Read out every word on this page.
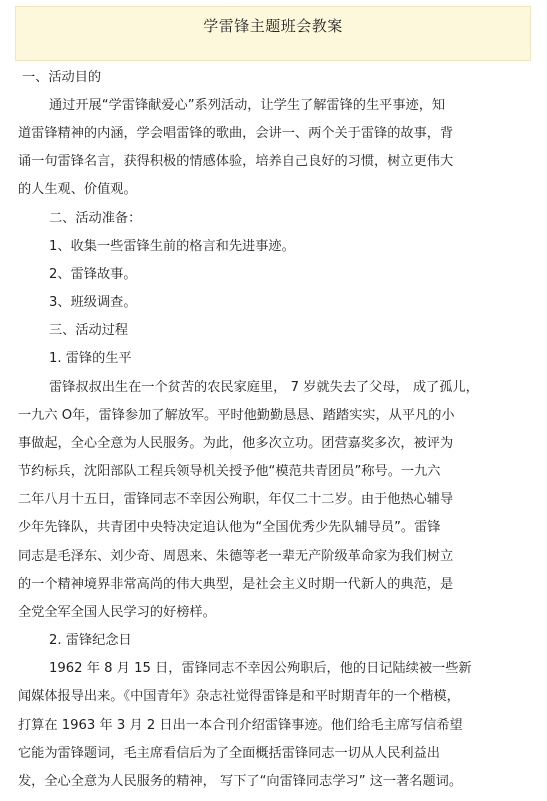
学雷锋主题班会教案
一、活动目的
通过开展“学雷锋献爱心”系列活动，让学生了解雷锋的生平事迹，知
道雷锋精神的内涵，学会唱雷锋的歌曲，会讲一、两个关于雷锋的故事，背
诵一句雷锋名言，获得积极的情感体验，培养自己良好的习惯，树立更伟大
的人生观、价值观。
二、活动准备：
1、收集一些雷锋生前的格言和先进事迹。
2、雷锋故事。
3、班级调查。
三、活动过程
1. 雷锋的生平
雷锋叔叔出生在一个贫苦的农民家庭里， 7 岁就失去了父母， 成了孤儿，
一九六 O年，雷锋参加了解放军。平时他勤勤恳恳、踏踏实实，从平凡的小
事做起，全心全意为人民服务。为此，他多次立功。团营嘉奖多次，被评为
节约标兵，沈阳部队工程兵领导机关授予他“模范共青团员”称号。一九六
二年八月十五日，雷锋同志不幸因公殉职，年仅二十二岁。由于他热心辅导
少年先锋队，共青团中央特决定追认他为“全国优秀少先队辅导员”。雷锋
同志是毛泽东、刘少奇、周恩来、朱德等老一辈无产阶级革命家为我们树立
的一个精神境界非常高尚的伟大典型，是社会主义时期一代新人的典范，是
全党全军全国人民学习的好榜样。
2. 雷锋纪念日
1962 年 8 月 15 日，雷锋同志不幸因公殉职后，他的日记陆续被一些新
闻媒体报导出来。《中国青年》杂志社觉得雷锋是和平时期青年的一个楷模，
打算在 1963 年 3 月 2 日出一本合刊介绍雷锋事迹。他们给毛主席写信希望
它能为雷锋题词，毛主席看信后为了全面概括雷锋同志一切从人民利益出
发，全心全意为人民服务的精神， 写下了“向雷锋同志学习” 这一著名题词。
